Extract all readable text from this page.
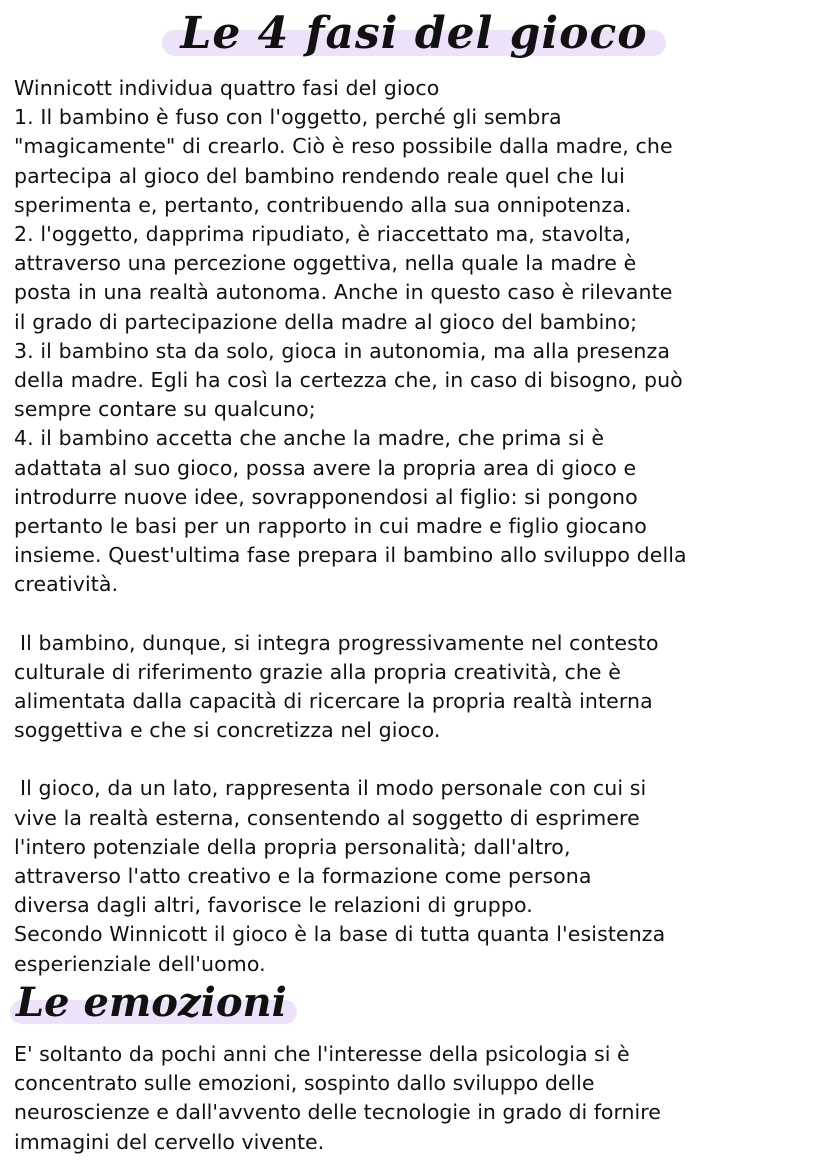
Le 4 fasi del gioco

Winnicott individua quattro fasi del gioco

1. Il bambino è fuso con l'oggetto, perché gli sembra

"magicamente" di crearlo. Ciò è reso possibile dalla madre, che

partecipa al gioco del bambino rendendo reale quel che lui

sperimenta e, pertanto, contribuendo alla sua onnipotenza.

2. l'oggetto, dapprima ripudiato, è riaccettato ma, stavolta,

attraverso una percezione oggettiva, nella quale la madre è

posta in una realtà autonoma. Anche in questo caso è rilevante

il grado di partecipazione della madre al gioco del bambino;

3. il bambino sta da solo, gioca in autonomia, ma alla presenza

della madre. Egli ha così la certezza che, in caso di bisogno, può

sempre contare su qualcuno;

4. il bambino accetta che anche la madre, che prima si è

adattata al suo gioco, possa avere la propria area di gioco e

introdurre nuove idee, sovrapponendosi al figlio: si pongono

pertanto le basi per un rapporto in cui madre e figlio giocano

insieme. Quest'ultima fase prepara il bambino allo sviluppo della

creatività.

Il bambino, dunque, si integra progressivamente nel contesto

culturale di riferimento grazie alla propria creatività, che è

alimentata dalla capacità di ricercare la propria realtà interna

soggettiva e che si concretizza nel gioco.

Il gioco, da un lato, rappresenta il modo personale con cui si

vive la realtà esterna, consentendo al soggetto di esprimere

l'intero potenziale della propria personalità; dall'altro,

attraverso l'atto creativo e la formazione come persona

diversa dagli altri, favorisce le relazioni di gruppo.

Secondo Winnicott il gioco è la base di tutta quanta l'esistenza

esperienziale dell'uomo.

Le emozioni

E' soltanto da pochi anni che l'interesse della psicologia si è

concentrato sulle emozioni, sospinto dallo sviluppo delle

neuroscienze e dall'avvento delle tecnologie in grado di fornire

immagini del cervello vivente.
